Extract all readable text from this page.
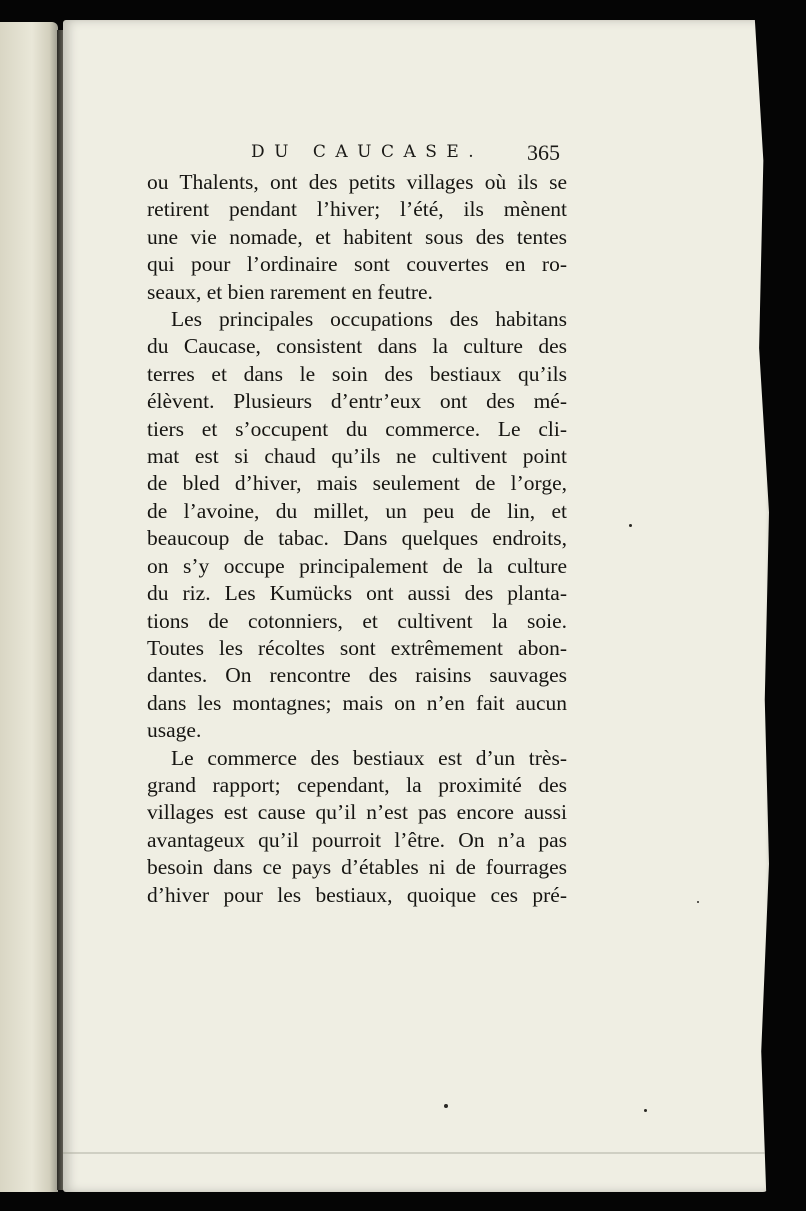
DU CAUCASE. 365
ou Thalents, ont des petits villages où ils se
retirent pendant l’hiver; l’été, ils mènent
une vie nomade, et habitent sous des tentes
qui pour l’ordinaire sont couvertes en ro-
seaux, et bien rarement en feutre.
Les principales occupations des habitans
du Caucase, consistent dans la culture des
terres et dans le soin des bestiaux qu’ils
élèvent. Plusieurs d’entr’eux ont des mé-
tiers et s’occupent du commerce. Le cli-
mat est si chaud qu’ils ne cultivent point
de bled d’hiver, mais seulement de l’orge,
de l’avoine, du millet, un peu de lin, et
beaucoup de tabac. Dans quelques endroits,
on s’y occupe principalement de la culture
du riz. Les Kumücks ont aussi des planta-
tions de cotonniers, et cultivent la soie.
Toutes les récoltes sont extrêmement abon-
dantes. On rencontre des raisins sauvages
dans les montagnes; mais on n’en fait aucun
usage.
Le commerce des bestiaux est d’un très-
grand rapport; cependant, la proximité des
villages est cause qu’il n’est pas encore aussi
avantageux qu’il pourroit l’être. On n’a pas
besoin dans ce pays d’étables ni de fourrages
d’hiver pour les bestiaux, quoique ces pré-
